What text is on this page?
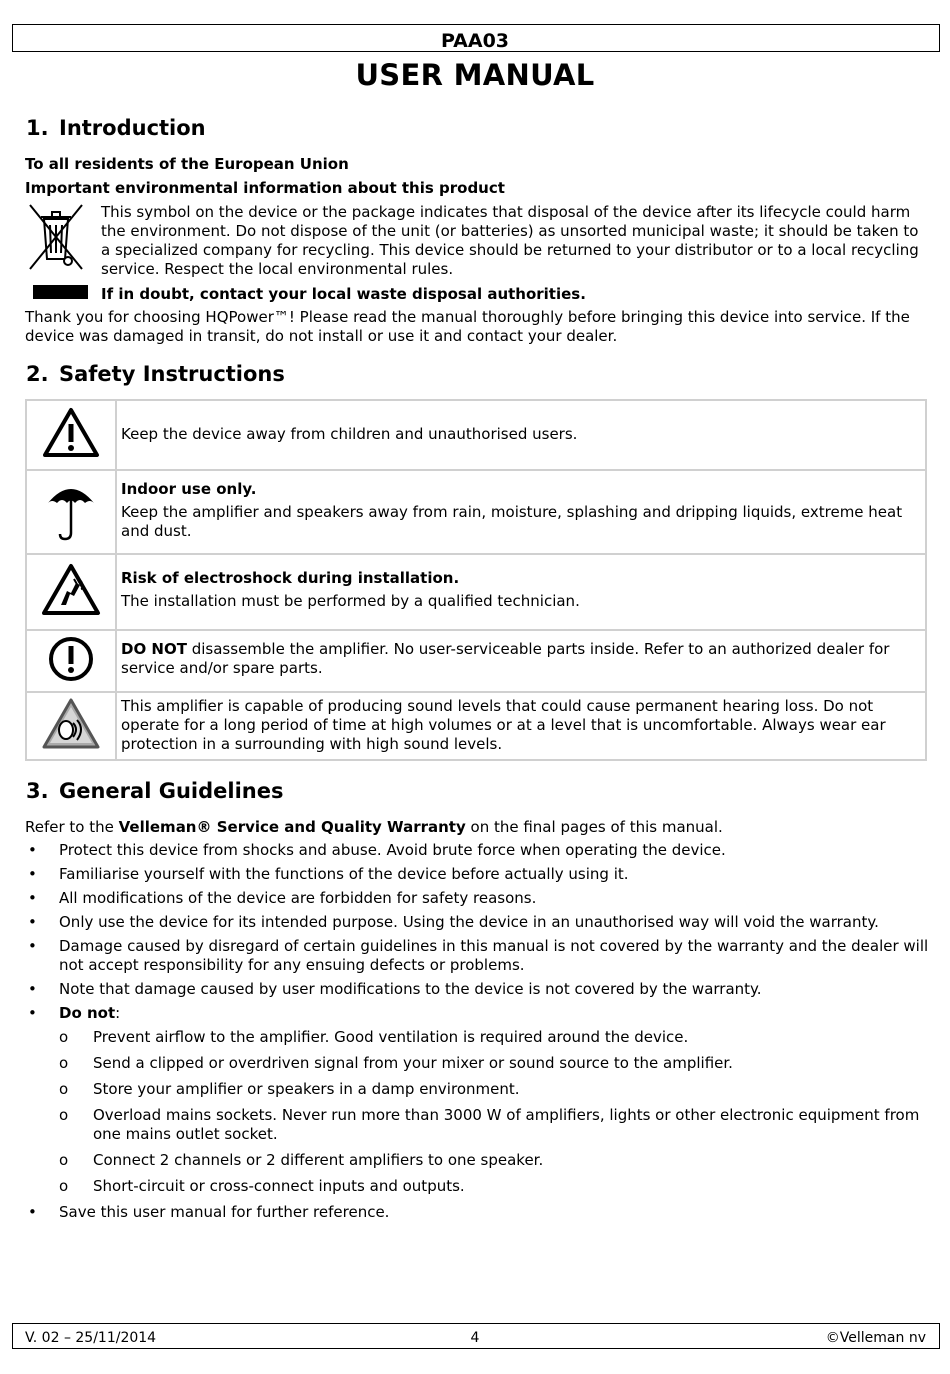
PAA03
USER MANUAL
1. Introduction
To all residents of the European Union
Important environmental information about this product
This symbol on the device or the package indicates that disposal of the device after its lifecycle could harm the environment. Do not dispose of the unit (or batteries) as unsorted municipal waste; it should be taken to a specialized company for recycling. This device should be returned to your distributor or to a local recycling service. Respect the local environmental rules.
If in doubt, contact your local waste disposal authorities.
Thank you for choosing HQPower™! Please read the manual thoroughly before bringing this device into service. If the device was damaged in transit, do not install or use it and contact your dealer.
2. Safety Instructions

Keep the device away from children and unauthorised users.

Indoor use only.

Keep the amplifier and speakers away from rain, moisture, splashing and dripping liquids, extreme heat and dust.

Risk of electroshock during installation.

The installation must be performed by a qualified technician.

DO NOT disassemble the amplifier. No user-serviceable parts inside. Refer to an authorized dealer for service and/or spare parts.

This amplifier is capable of producing sound levels that could cause permanent hearing loss. Do not operate for a long period of time at high volumes or at a level that is uncomfortable. Always wear ear protection in a surrounding with high sound levels.

3. General Guidelines
Refer to the Velleman® Service and Quality Warranty on the final pages of this manual.
• Protect this device from shocks and abuse. Avoid brute force when operating the device.
• Familiarise yourself with the functions of the device before actually using it.
• All modifications of the device are forbidden for safety reasons.
• Only use the device for its intended purpose. Using the device in an unauthorised way will void the warranty.
• Damage caused by disregard of certain guidelines in this manual is not covered by the warranty and the dealer will not accept responsibility for any ensuing defects or problems.
• Note that damage caused by user modifications to the device is not covered by the warranty.
• Do not:
o Prevent airflow to the amplifier. Good ventilation is required around the device.
o Send a clipped or overdriven signal from your mixer or sound source to the amplifier.
o Store your amplifier or speakers in a damp environment.
o Overload mains sockets. Never run more than 3000 W of amplifiers, lights or other electronic equipment from one mains outlet socket.
o Connect 2 channels or 2 different amplifiers to one speaker.
o Short-circuit or cross-connect inputs and outputs.
• Save this user manual for further reference.
V. 02 – 25/11/2014	4	©Velleman nv
